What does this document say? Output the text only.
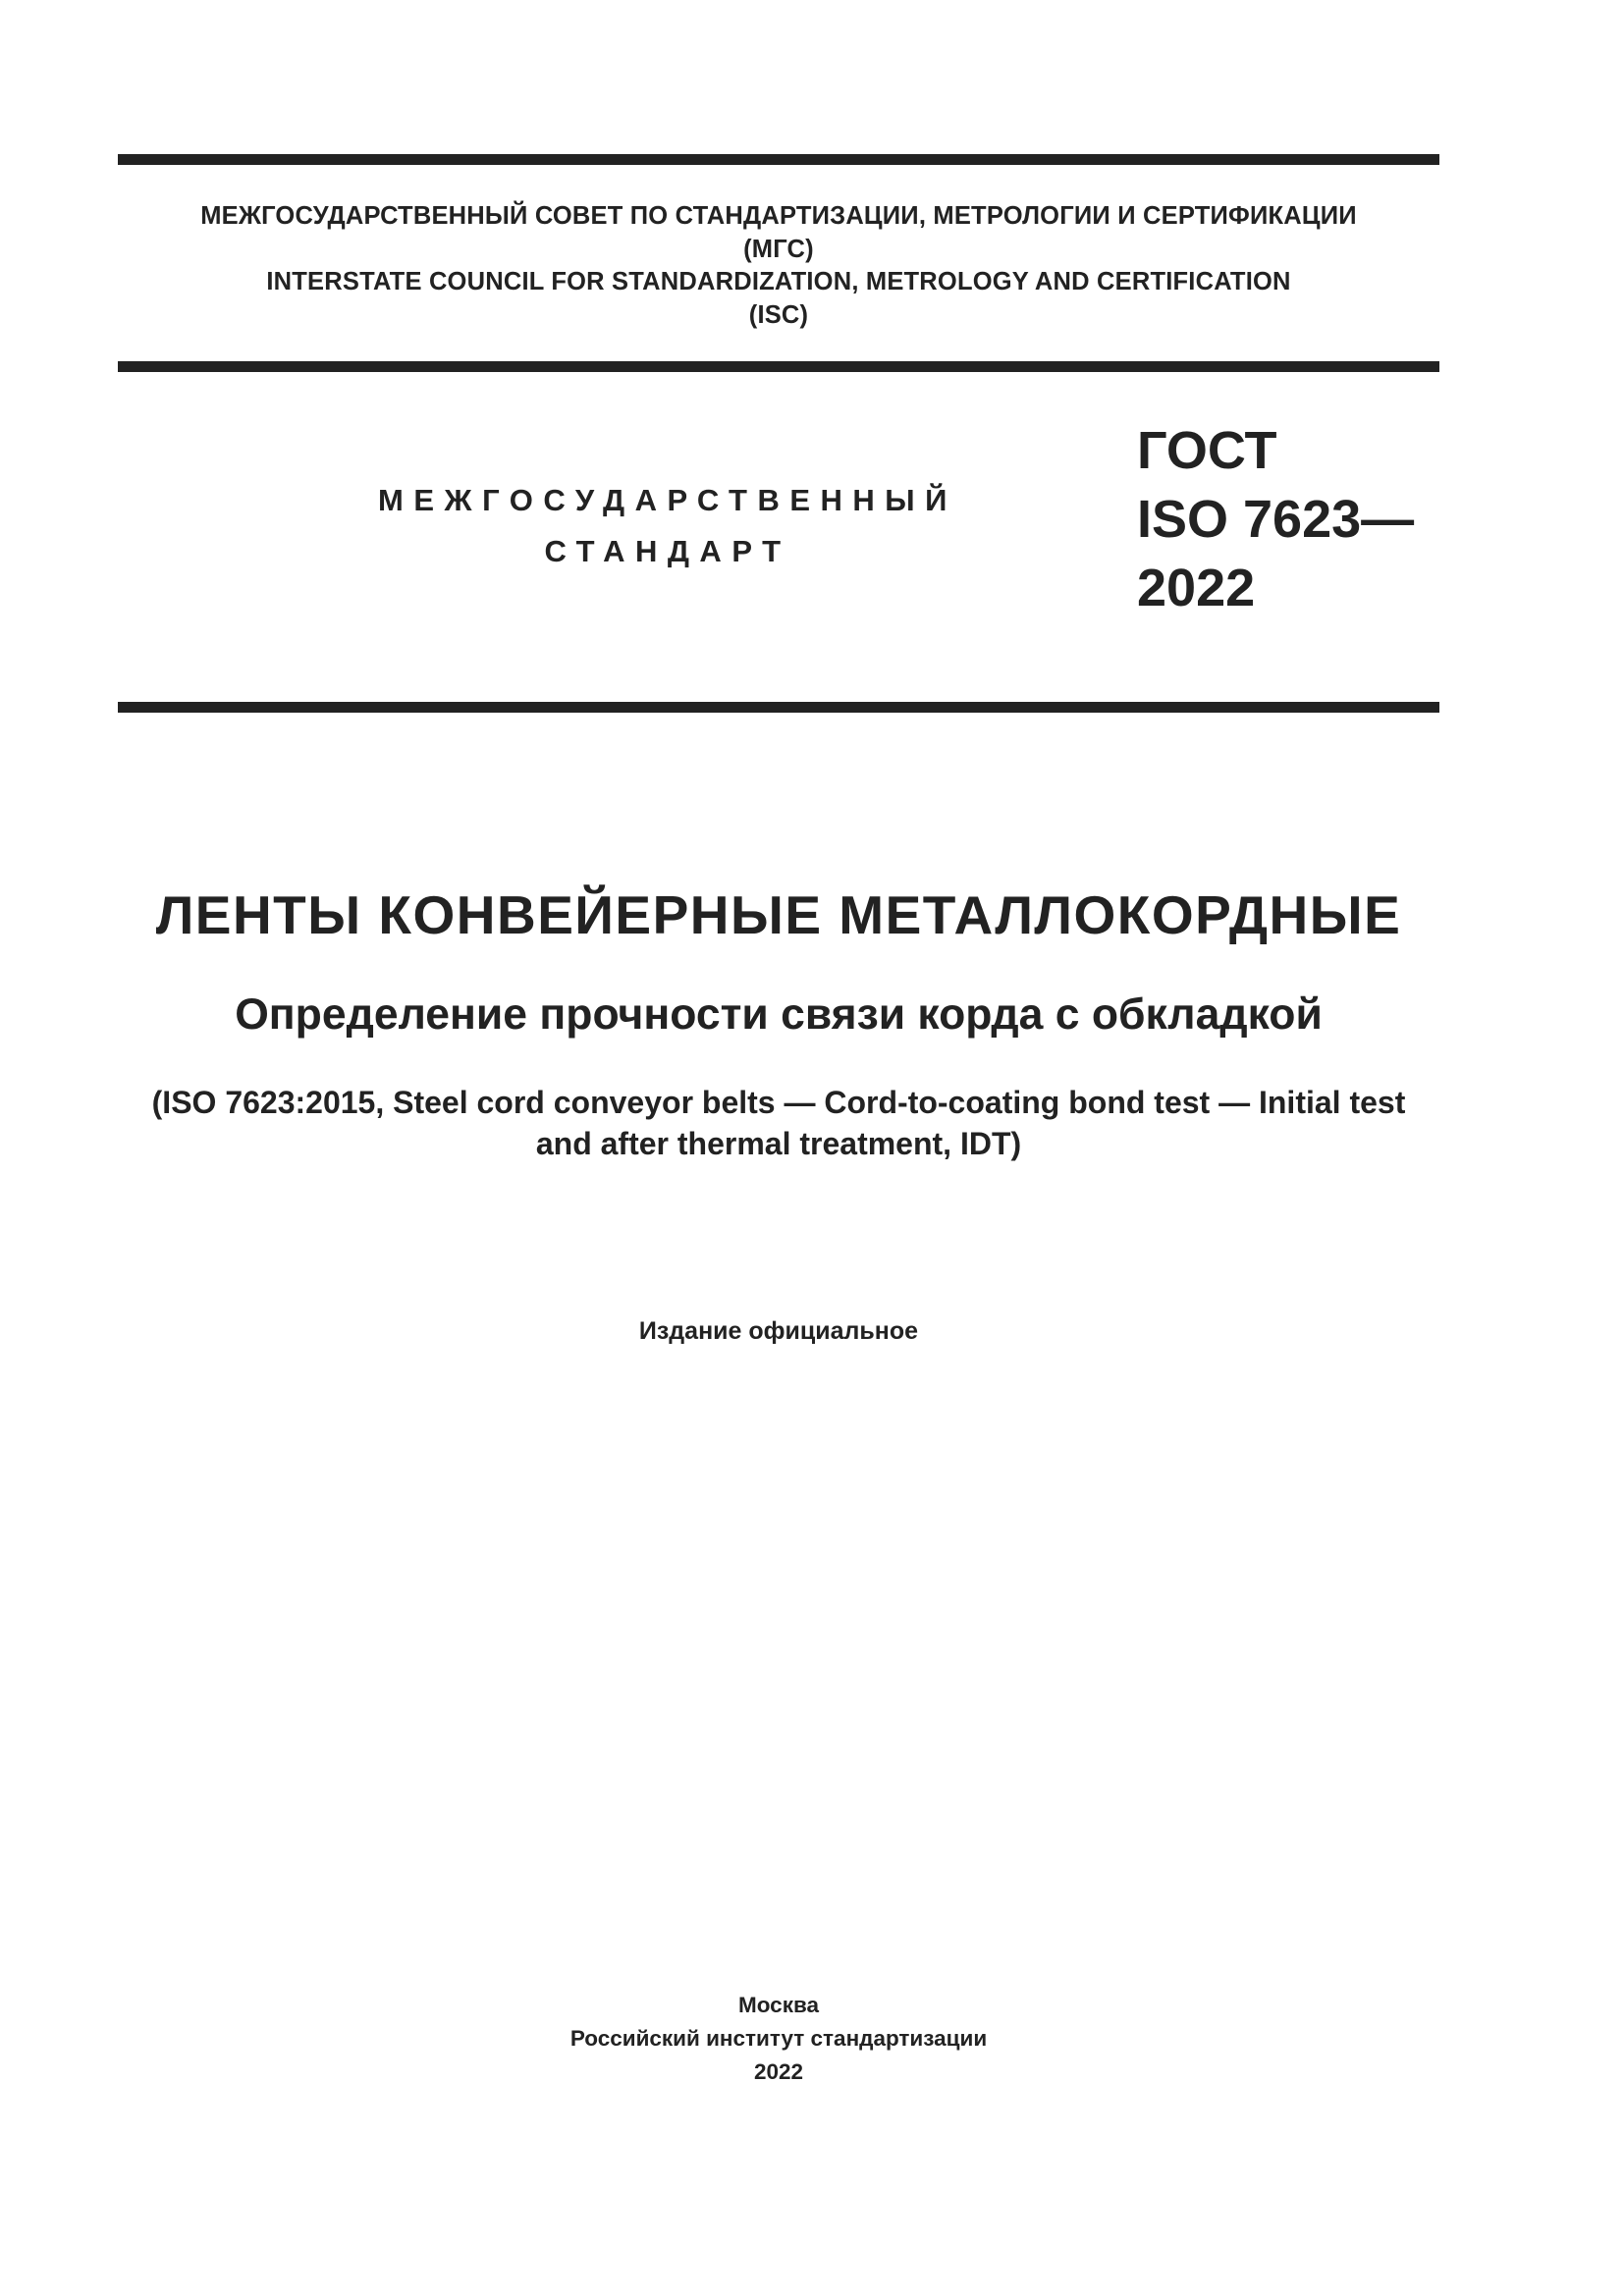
МЕЖГОСУДАРСТВЕННЫЙ СОВЕТ ПО СТАНДАРТИЗАЦИИ, МЕТРОЛОГИИ И СЕРТИФИКАЦИИ
(МГС)
INTERSTATE COUNCIL FOR STANDARDIZATION, METROLOGY AND CERTIFICATION
(ISC)
МЕЖГОСУДАРСТВЕННЫЙ
СТАНДАРТ
ГОСТ
ISO 7623—
2022
ЛЕНТЫ КОНВЕЙЕРНЫЕ МЕТАЛЛОКОРДНЫЕ
Определение прочности связи корда с обкладкой
(ISO 7623:2015, Steel cord conveyor belts — Cord-to-coating bond test — Initial test
and after thermal treatment, IDT)
Издание официальное
Москва
Российский институт стандартизации
2022
